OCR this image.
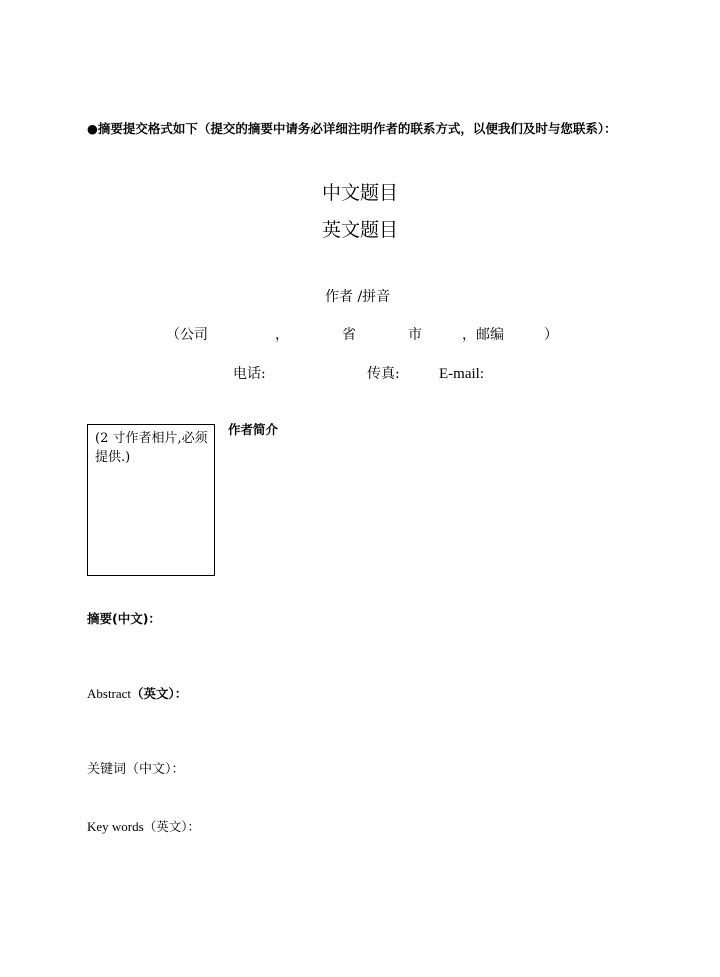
●摘要提交格式如下（提交的摘要中请务必详细注明作者的联系方式，以便我们及时与您联系）：
中文题目
英文题目
作者 /拼音
（公司	，	省	市	，邮编	）
电话:	传真:	E-mail:
(2 寸作者相片,必须提供.)
作者简介
摘要(中文)：
Abstract（英文）：
关键词（中文）：
Key words（英文）：
